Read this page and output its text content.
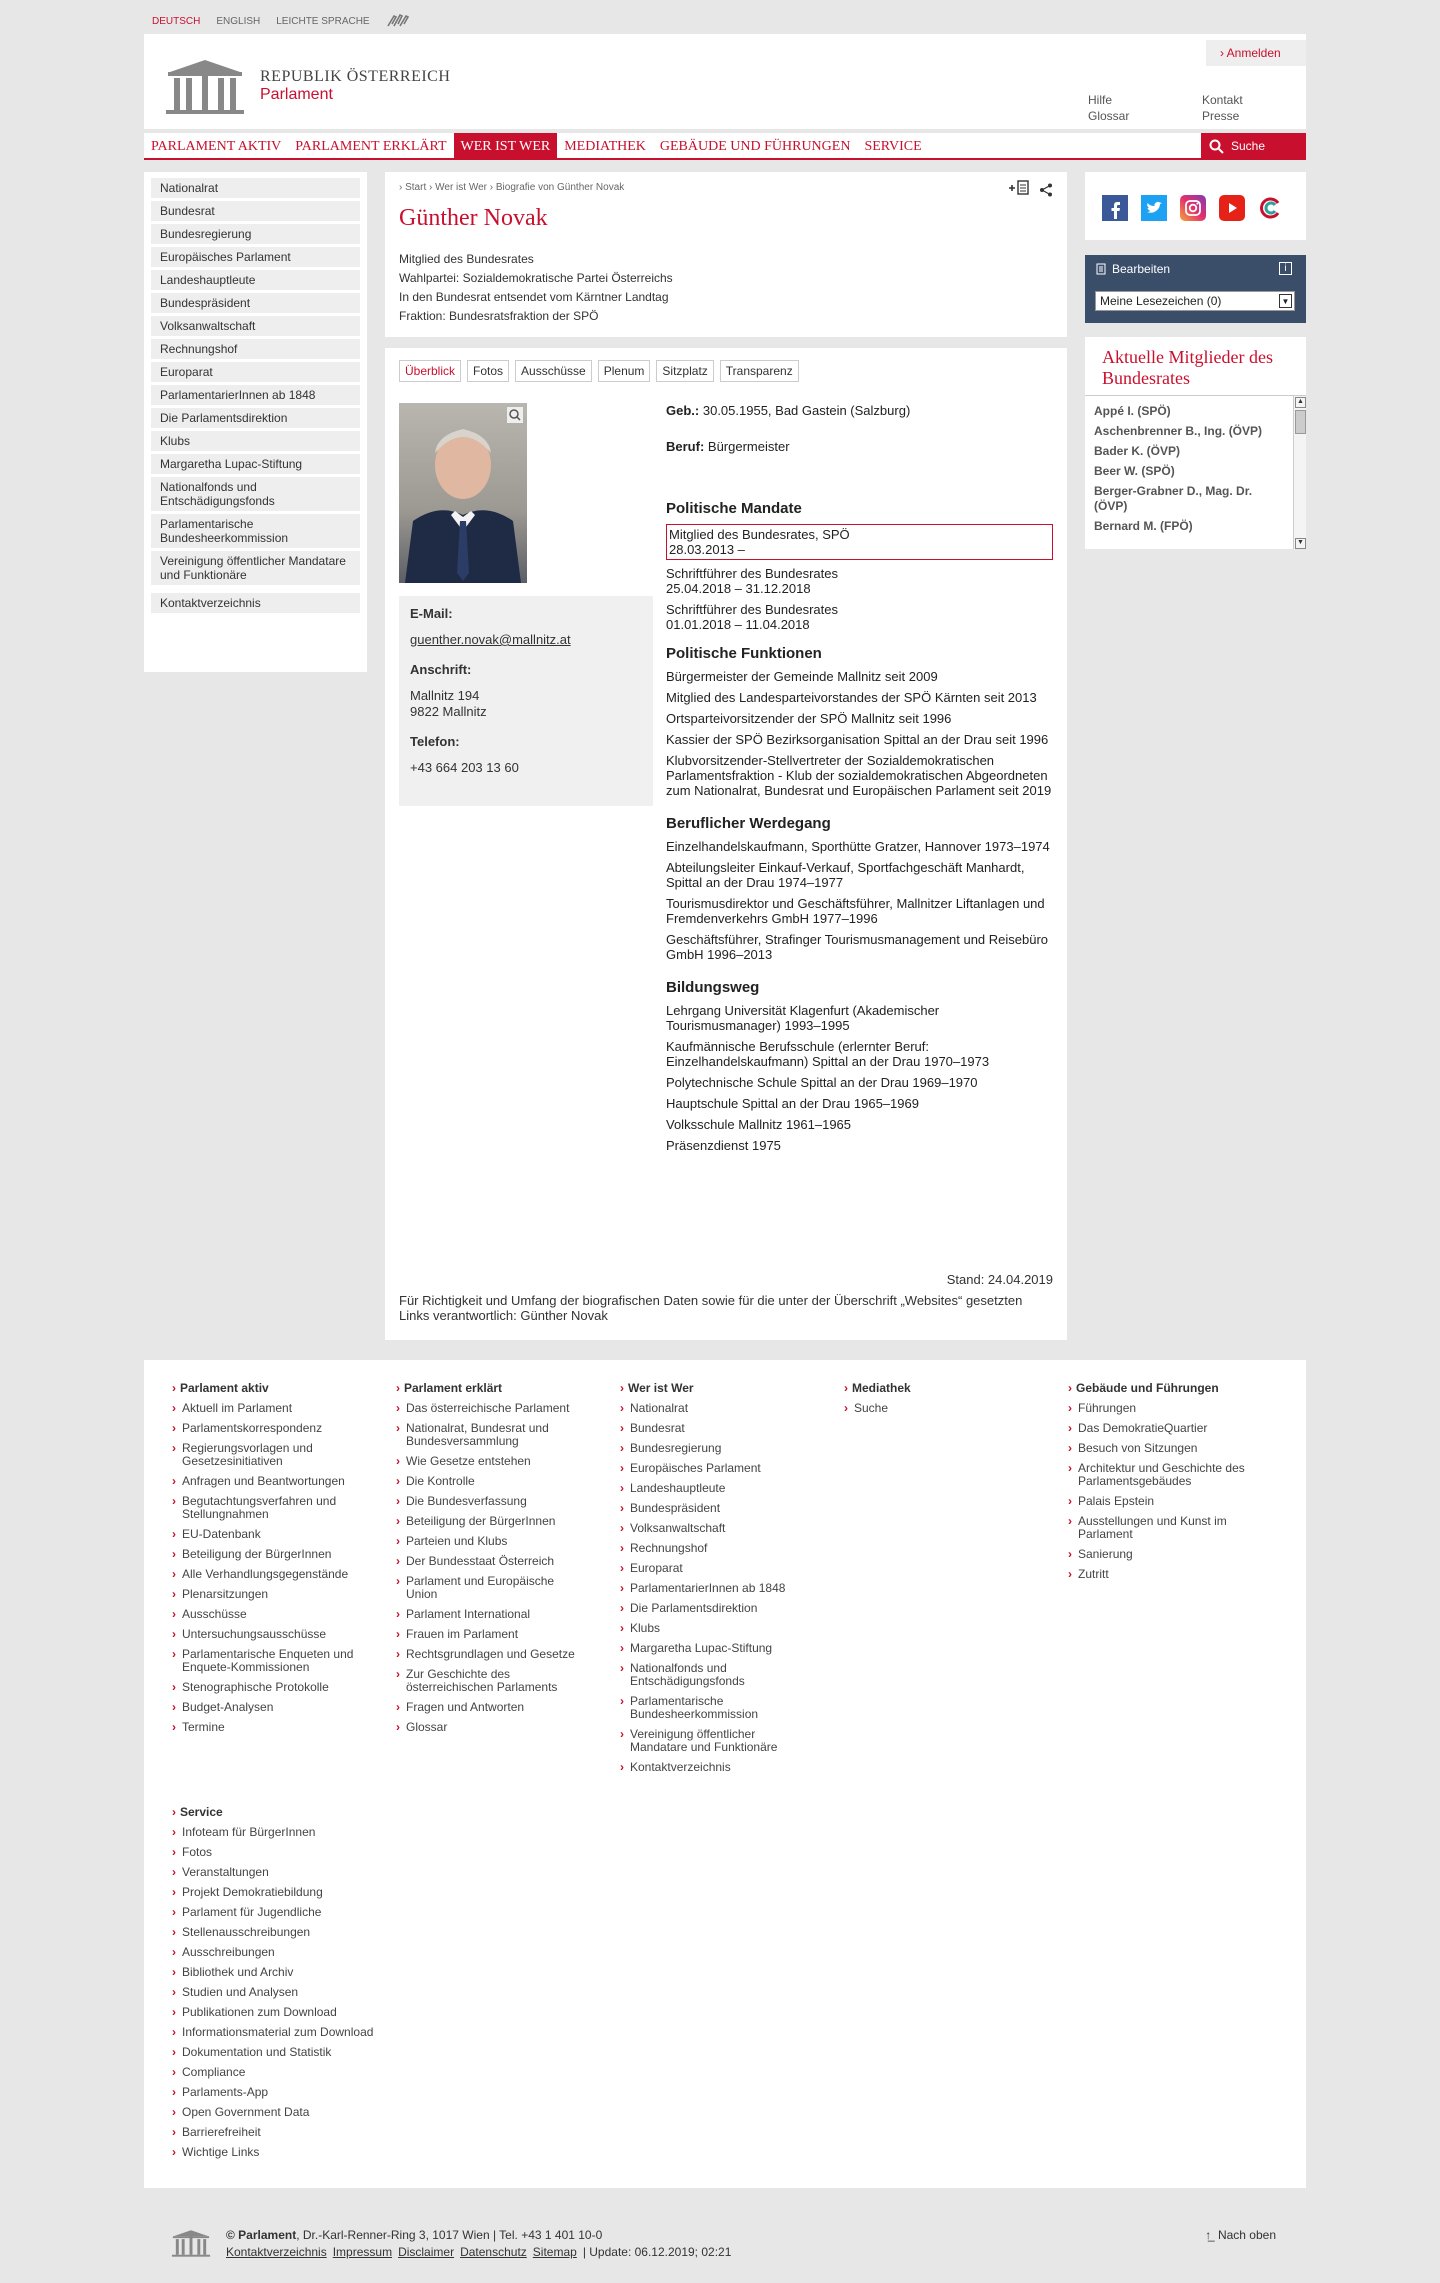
DEUTSCH ENGLISH LEICHTE SPRACHE
REPUBLIK ÖSTERREICH
Parlament
› Anmelden
Hilfe
Glossar
Kontakt
Presse
PARLAMENT AKTIV	PARLAMENT ERKLÄRT	WER IST WER	MEDIATHEK	GEBÄUDE UND FÜHRUNGEN	SERVICE	Suche
Nationalrat
Bundesrat
Bundesregierung
Europäisches Parlament
Landeshauptleute
Bundespräsident
Volksanwaltschaft
Rechnungshof
Europarat
ParlamentarierInnen ab 1848
Die Parlamentsdirektion
Klubs
Margaretha Lupac-Stiftung
Nationalfonds und Entschädigungsfonds
Parlamentarische Bundesheerkommission
Vereinigung öffentlicher Mandatare und Funktionäre
Kontaktverzeichnis
› Start › Wer ist Wer › Biografie von Günther Novak
Günther Novak
Mitglied des Bundesrates
Wahlpartei: Sozialdemokratische Partei Österreichs
In den Bundesrat entsendet vom Kärntner Landtag
Fraktion: Bundesratsfraktion der SPÖ
Überblick	Fotos	Ausschüsse	Plenum	Sitzplatz	Transparenz
E-Mail:
guenther.novak@mallnitz.at
Anschrift:
Mallnitz 194
9822 Mallnitz
Telefon:
+43 664 203 13 60
Geb.: 30.05.1955, Bad Gastein (Salzburg)
Beruf: Bürgermeister
Politische Mandate
Mitglied des Bundesrates, SPÖ
28.03.2013 –
Schriftführer des Bundesrates
25.04.2018 – 31.12.2018
Schriftführer des Bundesrates
01.01.2018 – 11.04.2018
Politische Funktionen
Bürgermeister der Gemeinde Mallnitz seit 2009
Mitglied des Landesparteivorstandes der SPÖ Kärnten seit 2013
Ortsparteivorsitzender der SPÖ Mallnitz seit 1996
Kassier der SPÖ Bezirksorganisation Spittal an der Drau seit 1996
Klubvorsitzender-Stellvertreter der Sozialdemokratischen Parlamentsfraktion - Klub der sozialdemokratischen Abgeordneten zum Nationalrat, Bundesrat und Europäischen Parlament seit 2019
Beruflicher Werdegang
Einzelhandelskaufmann, Sporthütte Gratzer, Hannover 1973–1974
Abteilungsleiter Einkauf-Verkauf, Sportfachgeschäft Manhardt, Spittal an der Drau 1974–1977
Tourismusdirektor und Geschäftsführer, Mallnitzer Liftanlagen und Fremdenverkehrs GmbH 1977–1996
Geschäftsführer, Strafinger Tourismusmanagement und Reisebüro GmbH 1996–2013
Bildungsweg
Lehrgang Universität Klagenfurt (Akademischer Tourismusmanager) 1993–1995
Kaufmännische Berufsschule (erlernter Beruf: Einzelhandelskaufmann) Spittal an der Drau 1970–1973
Polytechnische Schule Spittal an der Drau 1969–1970
Hauptschule Spittal an der Drau 1965–1969
Volksschule Mallnitz 1961–1965
Präsenzdienst 1975
Stand: 24.04.2019
Für Richtigkeit und Umfang der biografischen Daten sowie für die unter der Überschrift „Websites“ gesetzten Links verantwortlich: Günther Novak
Bearbeiten	i
Meine Lesezeichen (0)	▼
Aktuelle Mitglieder des Bundesrates
Appé I. (SPÖ)
Aschenbrenner B., Ing. (ÖVP)
Bader K. (ÖVP)
Beer W. (SPÖ)
Berger-Grabner D., Mag. Dr. (ÖVP)
Bernard M. (FPÖ)
▲
▼
› Parlament aktiv
› Aktuell im Parlament
› Parlamentskorrespondenz
› Regierungsvorlagen und Gesetzesinitiativen
› Anfragen und Beantwortungen
› Begutachtungsverfahren und Stellungnahmen
› EU-Datenbank
› Beteiligung der BürgerInnen
› Alle Verhandlungsgegenstände
› Plenarsitzungen
› Ausschüsse
› Untersuchungsausschüsse
› Parlamentarische Enqueten und Enquete-Kommissionen
› Stenographische Protokolle
› Budget-Analysen
› Termine
› Parlament erklärt
› Das österreichische Parlament
› Nationalrat, Bundesrat und Bundesversammlung
› Wie Gesetze entstehen
› Die Kontrolle
› Die Bundesverfassung
› Beteiligung der BürgerInnen
› Parteien und Klubs
› Der Bundesstaat Österreich
› Parlament und Europäische Union
› Parlament International
› Frauen im Parlament
› Rechtsgrundlagen und Gesetze
› Zur Geschichte des österreichischen Parlaments
› Fragen und Antworten
› Glossar
› Wer ist Wer
› Nationalrat
› Bundesrat
› Bundesregierung
› Europäisches Parlament
› Landeshauptleute
› Bundespräsident
› Volksanwaltschaft
› Rechnungshof
› Europarat
› ParlamentarierInnen ab 1848
› Die Parlamentsdirektion
› Klubs
› Margaretha Lupac-Stiftung
› Nationalfonds und Entschädigungsfonds
› Parlamentarische Bundesheerkommission
› Vereinigung öffentlicher Mandatare und Funktionäre
› Kontaktverzeichnis
› Mediathek
› Suche
› Gebäude und Führungen
› Führungen
› Das DemokratieQuartier
› Besuch von Sitzungen
› Architektur und Geschichte des Parlamentsgebäudes
› Palais Epstein
› Ausstellungen und Kunst im Parlament
› Sanierung
› Zutritt
› Service
› Infoteam für BürgerInnen
› Fotos
› Veranstaltungen
› Projekt Demokratiebildung
› Parlament für Jugendliche
› Stellenausschreibungen
› Ausschreibungen
› Bibliothek und Archiv
› Studien und Analysen
› Publikationen zum Download
› Informationsmaterial zum Download
› Dokumentation und Statistik
› Compliance
› Parlaments-App
› Open Government Data
› Barrierefreiheit
› Wichtige Links
© Parlament, Dr.-Karl-Renner-Ring 3, 1017 Wien | Tel. +43 1 401 10-0
Kontaktverzeichnis Impressum Disclaimer Datenschutz Sitemap | Update: 06.12.2019; 02:21
↑̲ Nach oben
